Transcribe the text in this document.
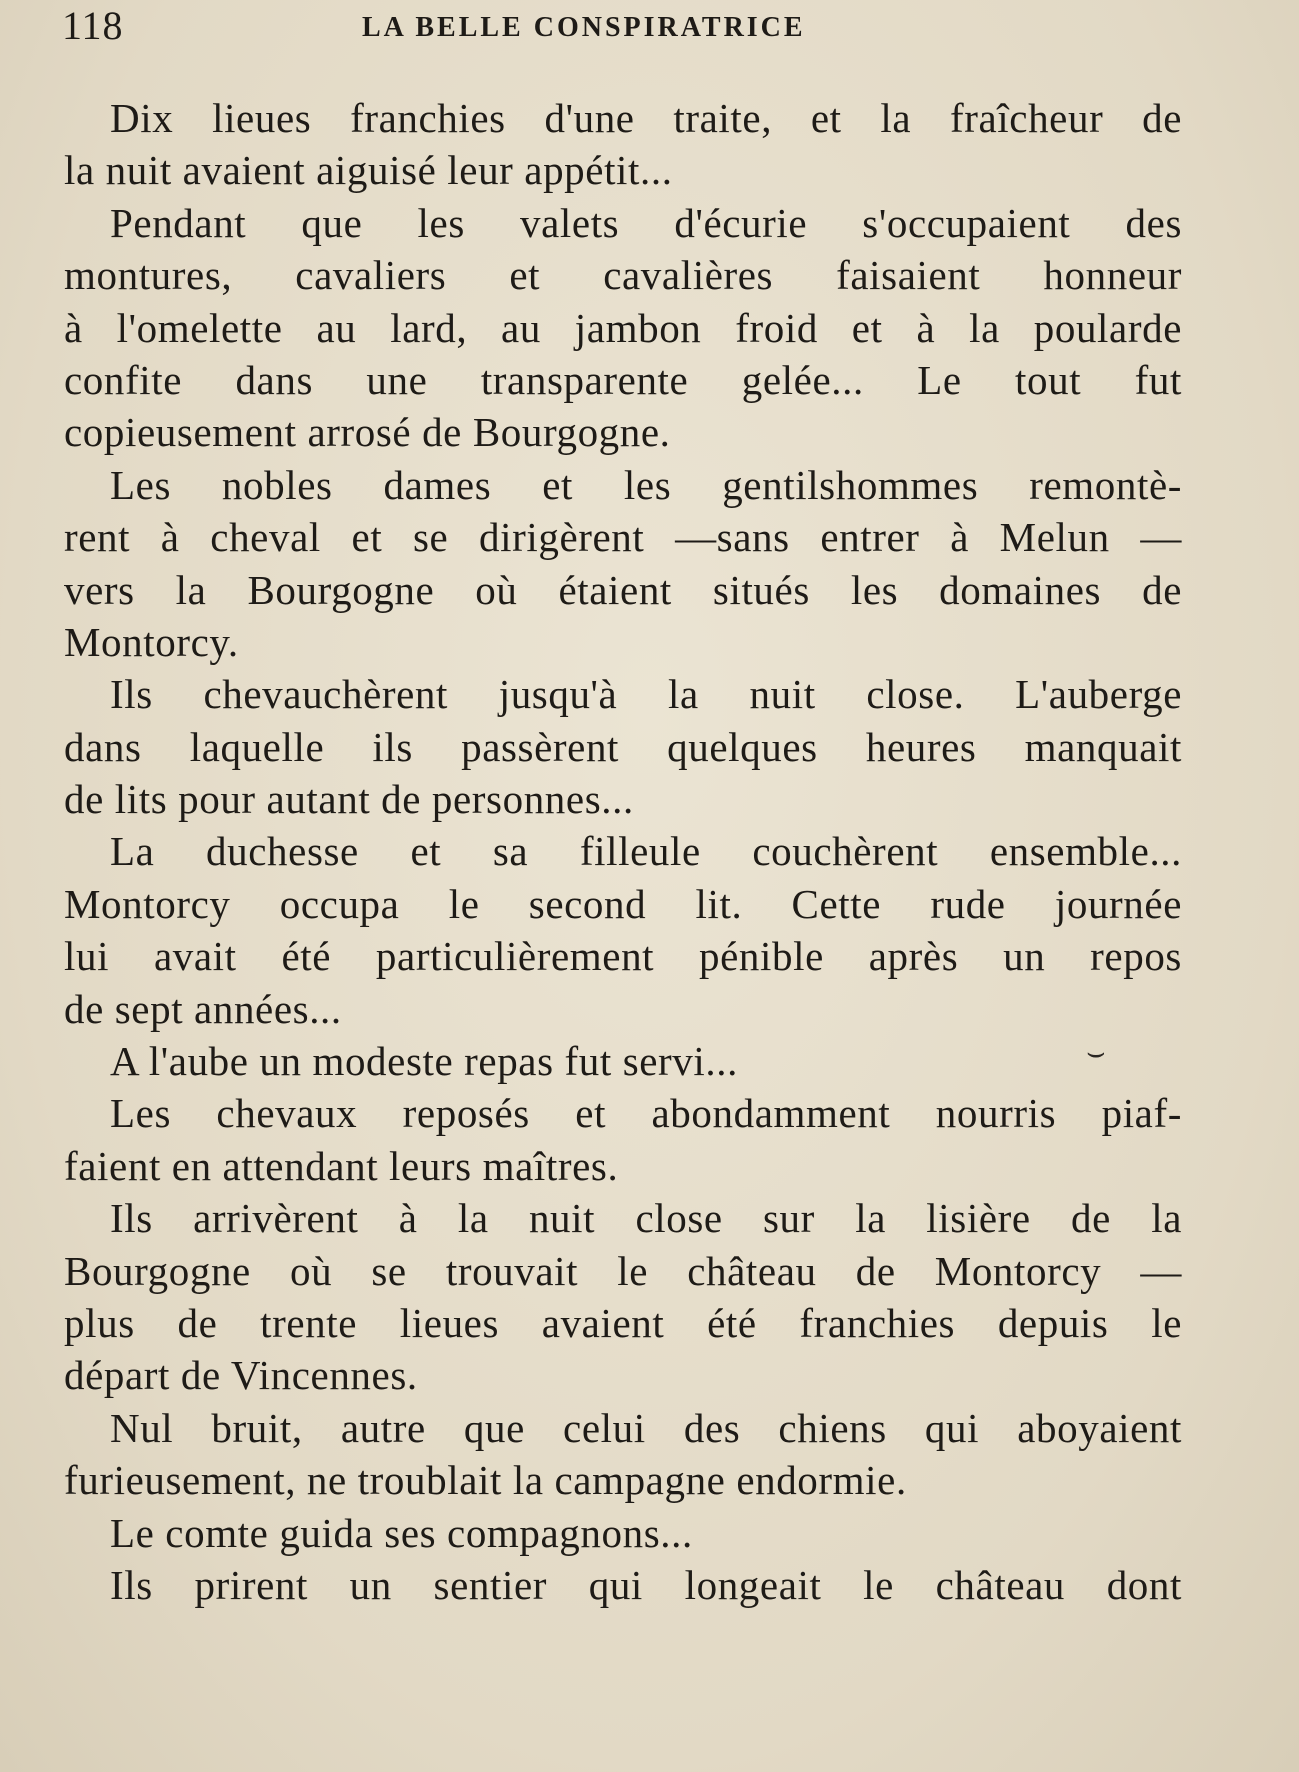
118	LA BELLE CONSPIRATRICE
Dix lieues franchies d'une traite, et la fraîcheur de
la nuit avaient aiguisé leur appétit...
Pendant que les valets d'écurie s'occupaient des
montures, cavaliers et cavalières faisaient honneur
à l'omelette au lard, au jambon froid et à la poularde
confite dans une transparente gelée... Le tout fut
copieusement arrosé de Bourgogne.
Les nobles dames et les gentilshommes remontè-
rent à cheval et se dirigèrent —sans entrer à Melun —
vers la Bourgogne où étaient situés les domaines de
Montorcy.
Ils chevauchèrent jusqu'à la nuit close. L'auberge
dans laquelle ils passèrent quelques heures manquait
de lits pour autant de personnes...
La duchesse et sa filleule couchèrent ensemble...
Montorcy occupa le second lit. Cette rude journée
lui avait été particulièrement pénible après un repos
de sept années...
A l'aube un modeste repas fut servi...
Les chevaux reposés et abondamment nourris piaf-
faient en attendant leurs maîtres.
Ils arrivèrent à la nuit close sur la lisière de la
Bourgogne où se trouvait le château de Montorcy —
plus de trente lieues avaient été franchies depuis le
départ de Vincennes.
Nul bruit, autre que celui des chiens qui aboyaient
furieusement, ne troublait la campagne endormie.
Le comte guida ses compagnons...
Ils prirent un sentier qui longeait le château dont
⌣
